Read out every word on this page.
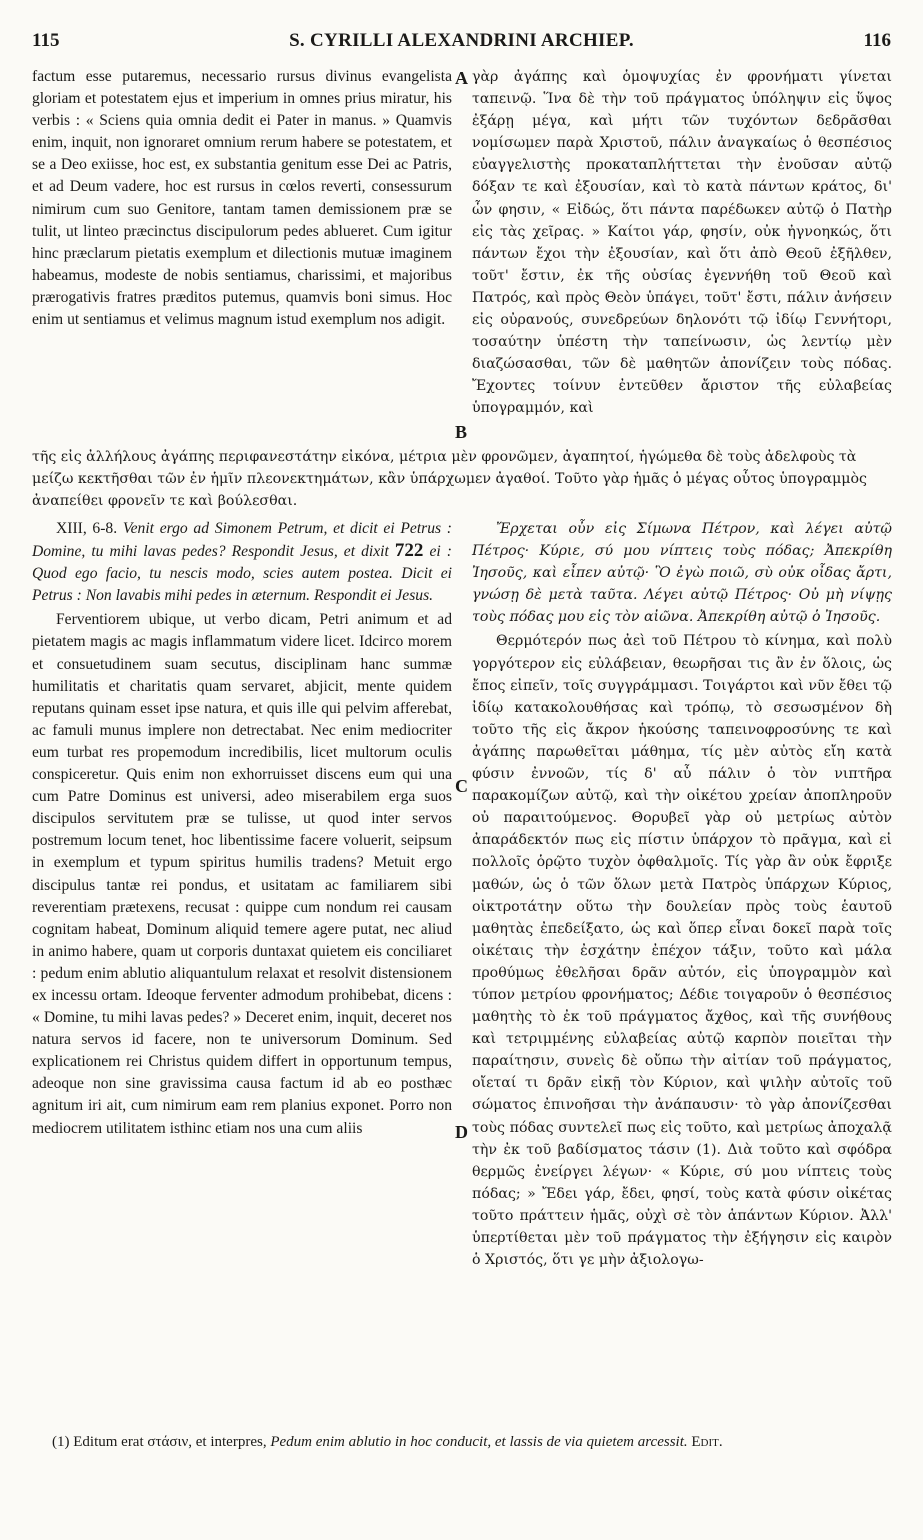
115	S. CYRILLI ALEXANDRINI ARCHIEP.	116

factum esse putaremus, necessario rursus divinus evangelista gloriam et potestatem ejus et imperium in omnes prius miratur, his verbis : « Sciens quia omnia dedit ei Pater in manus. » Quamvis enim, inquit, non ignoraret omnium rerum habere se potestatem, et se a Deo exiisse, hoc est, ex substantia genitum esse Dei ac Patris, et ad Deum vadere, hoc est rursus in cœlos reverti, consessurum nimirum cum suo Genitore, tantam tamen demissionem præ se tulit, ut linteo præcinctus discipulorum pedes ablueret. Cum igitur hinc præclarum pietatis exemplum et dilectionis mutuæ imaginem habeamus, modeste de nobis sentiamus, charissimi, et majoribus prærogativis fratres præditos putemus, quamvis boni simus. Hoc enim ut sentiamus et velimus magnum istud exemplum nos adigit.

γὰρ ἀγάπης καὶ ὁμοψυχίας ἐν φρονήματι γίνεται ταπεινῷ. Ἵνα δὲ τὴν τοῦ πράγματος ὑπόληψιν εἰς ὕψος ἐξάρῃ μέγα, καὶ μήτι τῶν τυχόντων δεδρᾶσθαι νομίσωμεν παρὰ Χριστοῦ, πάλιν ἀναγκαίως ὁ θεσπέσιος εὐαγγελιστὴς προκαταπλήττεται τὴν ἐνοῦσαν αὐτῷ δόξαν τε καὶ ἐξουσίαν, καὶ τὸ κατὰ πάντων κράτος, δι' ὧν φησιν, « Εἰδώς, ὅτι πάντα παρέδωκεν αὐτῷ ὁ Πατὴρ εἰς τὰς χεῖρας. » Καίτοι γάρ, φησίν, οὐκ ἠγνοηκώς, ὅτι πάντων ἔχοι τὴν ἐξουσίαν, καὶ ὅτι ἀπὸ Θεοῦ ἐξῆλθεν, τοῦτ' ἔστιν, ἐκ τῆς οὐσίας ἐγεννήθη τοῦ Θεοῦ καὶ Πατρός, καὶ πρὸς Θεὸν ὑπάγει, τοῦτ' ἔστι, πάλιν ἀνήσειν εἰς οὐρανούς, συνεδρεύων δηλονότι τῷ ἰδίῳ Γεννήτορι, τοσαύτην ὑπέστη τὴν ταπείνωσιν, ὡς λεντίῳ μὲν διαζώσασθαι, τῶν δὲ μαθητῶν ἀπονίζειν τοὺς πόδας. Ἔχοντες τοίνυν ἐντεῦθεν ἄριστον τῆς εὐλαβείας ὑπογραμμόν, καὶ

A
B

τῆς εἰς ἀλλήλους ἀγάπης περιφανεστάτην εἰκόνα, μέτρια μὲν φρονῶμεν, ἀγαπητοί, ἡγώμεθα δὲ τοὺς ἀδελφοὺς τὰ μείζω κεκτῆσθαι τῶν ἐν ἡμῖν πλεονεκτημάτων, κἂν ὑπάρχωμεν ἀγαθοί. Τοῦτο γὰρ ἡμᾶς ὁ μέγας οὗτος ὑπογραμμὸς ἀναπείθει φρονεῖν τε καὶ βούλεσθαι.

XIII, 6-8. Venit ergo ad Simonem Petrum, et dicit ei Petrus : Domine, tu mihi lavas pedes? Respondit Jesus, et dixit 722 ei : Quod ego facio, tu nescis modo, scies autem postea. Dicit ei Petrus : Non lavabis mihi pedes in æternum. Respondit ei Jesus.

Ferventiorem ubique, ut verbo dicam, Petri animum et ad pietatem magis ac magis inflammatum videre licet. Idcirco morem et consuetudinem suam secutus, disciplinam hanc summæ humilitatis et charitatis quam servaret, abjicit, mente quidem reputans quinam esset ipse natura, et quis ille qui pelvim afferebat, ac famuli munus implere non detrectabat. Nec enim mediocriter eum turbat res propemodum incredibilis, licet multorum oculis conspiceretur. Quis enim non exhorruisset discens eum qui una cum Patre Dominus est universi, adeo miserabilem erga suos discipulos servitutem præ se tulisse, ut quod inter servos postremum locum tenet, hoc libentissime facere voluerit, seipsum in exemplum et typum spiritus humilis tradens? Metuit ergo discipulus tantæ rei pondus, et usitatam ac familiarem sibi reverentiam prætexens, recusat : quippe cum nondum rei causam cognitam habeat, Dominum aliquid temere agere putat, nec aliud in animo habere, quam ut corporis duntaxat quietem eis conciliaret : pedum enim ablutio aliquantulum relaxat et resolvit distensionem ex incessu ortam. Ideoque ferventer admodum prohibebat, dicens : « Domine, tu mihi lavas pedes? » Deceret enim, inquit, deceret nos natura servos id facere, non te universorum Dominum. Sed explicationem rei Christus quidem differt in opportunum tempus, adeoque non sine gravissima causa factum id ab eo posthæc agnitum iri ait, cum nimirum eam rem planius exponet. Porro non mediocrem utilitatem isthinc etiam nos una cum aliis

Ἔρχεται οὖν εἰς Σίμωνα Πέτρον, καὶ λέγει αὐτῷ Πέτρος· Κύριε, σύ μου νίπτεις τοὺς πόδας; Ἀπεκρίθη Ἰησοῦς, καὶ εἶπεν αὐτῷ· Ὃ ἐγὼ ποιῶ, σὺ οὐκ οἶδας ἄρτι, γνώσῃ δὲ μετὰ ταῦτα. Λέγει αὐτῷ Πέτρος· Οὐ μὴ νίψῃς τοὺς πόδας μου εἰς τὸν αἰῶνα. Ἀπεκρίθη αὐτῷ ὁ Ἰησοῦς.

Θερμότερόν πως ἀεὶ τοῦ Πέτρου τὸ κίνημα, καὶ πολὺ γοργότερον εἰς εὐλάβειαν, θεωρῆσαι τις ἂν ἐν ὅλοις, ὡς ἔπος εἰπεῖν, τοῖς συγγράμμασι. Τοιγάρτοι καὶ νῦν ἔθει τῷ ἰδίῳ κατακολουθήσας καὶ τρόπῳ, τὸ σεσωσμένον δὴ τοῦτο τῆς εἰς ἄκρον ἡκούσης ταπεινοφροσύνης τε καὶ ἀγάπης παρωθεῖται μάθημα, τίς μὲν αὐτὸς εἴη κατὰ φύσιν ἐννοῶν, τίς δ' αὖ πάλιν ὁ τὸν νιπτῆρα παρακομίζων αὐτῷ, καὶ τὴν οἰκέτου χρείαν ἀποπληροῦν οὐ παραιτούμενος. Θορυβεῖ γὰρ οὐ μετρίως αὐτὸν ἀπαράδεκτόν πως εἰς πίστιν ὑπάρχον τὸ πρᾶγμα, καὶ εἰ πολλοῖς ὁρῷτο τυχὸν ὀφθαλμοῖς. Τίς γὰρ ἂν οὐκ ἔφριξε μαθών, ὡς ὁ τῶν ὅλων μετὰ Πατρὸς ὑπάρχων Κύριος, οἰκτροτάτην οὕτω τὴν δουλείαν πρὸς τοὺς ἑαυτοῦ μαθητὰς ἐπεδείξατο, ὡς καὶ ὅπερ εἶναι δοκεῖ παρὰ τοῖς οἰκέταις τὴν ἐσχάτην ἐπέχον τάξιν, τοῦτο καὶ μάλα προθύμως ἐθελῆσαι δρᾶν αὐτόν, εἰς ὑπογραμμὸν καὶ τύπον μετρίου φρονήματος; Δέδιε τοιγαροῦν ὁ θεσπέσιος μαθητὴς τὸ ἐκ τοῦ πράγματος ἄχθος, καὶ τῆς συνήθους καὶ τετριμμένης εὐλαβείας αὐτῷ καρπὸν ποιεῖται τὴν παραίτησιν, συνεὶς δὲ οὔπω τὴν αἰτίαν τοῦ πράγματος, οἴεταί τι δρᾶν εἰκῇ τὸν Κύριον, καὶ ψιλὴν αὐτοῖς τοῦ σώματος ἐπινοῆσαι τὴν ἀνάπαυσιν· τὸ γὰρ ἀπονίζεσθαι τοὺς πόδας συντελεῖ πως εἰς τοῦτο, καὶ μετρίως ἀποχαλᾷ τὴν ἐκ τοῦ βαδίσματος τάσιν (1). Διὰ τοῦτο καὶ σφόδρα θερμῶς ἐνείργει λέγων· « Κύριε, σύ μου νίπτεις τοὺς πόδας; » Ἔδει γάρ, ἔδει, φησί, τοὺς κατὰ φύσιν οἰκέτας τοῦτο πράττειν ἡμᾶς, οὐχὶ σὲ τὸν ἁπάντων Κύριον. Ἀλλ' ὑπερτίθεται μὲν τοῦ πράγματος τὴν ἐξήγησιν εἰς καιρὸν ὁ Χριστός, ὅτι γε μὴν ἀξιολογω-

C
D
(1) Editum erat στάσιν, et interpres, Pedum enim ablutio in hoc conducit, et lassis de via quietem arcessit. Edit.
